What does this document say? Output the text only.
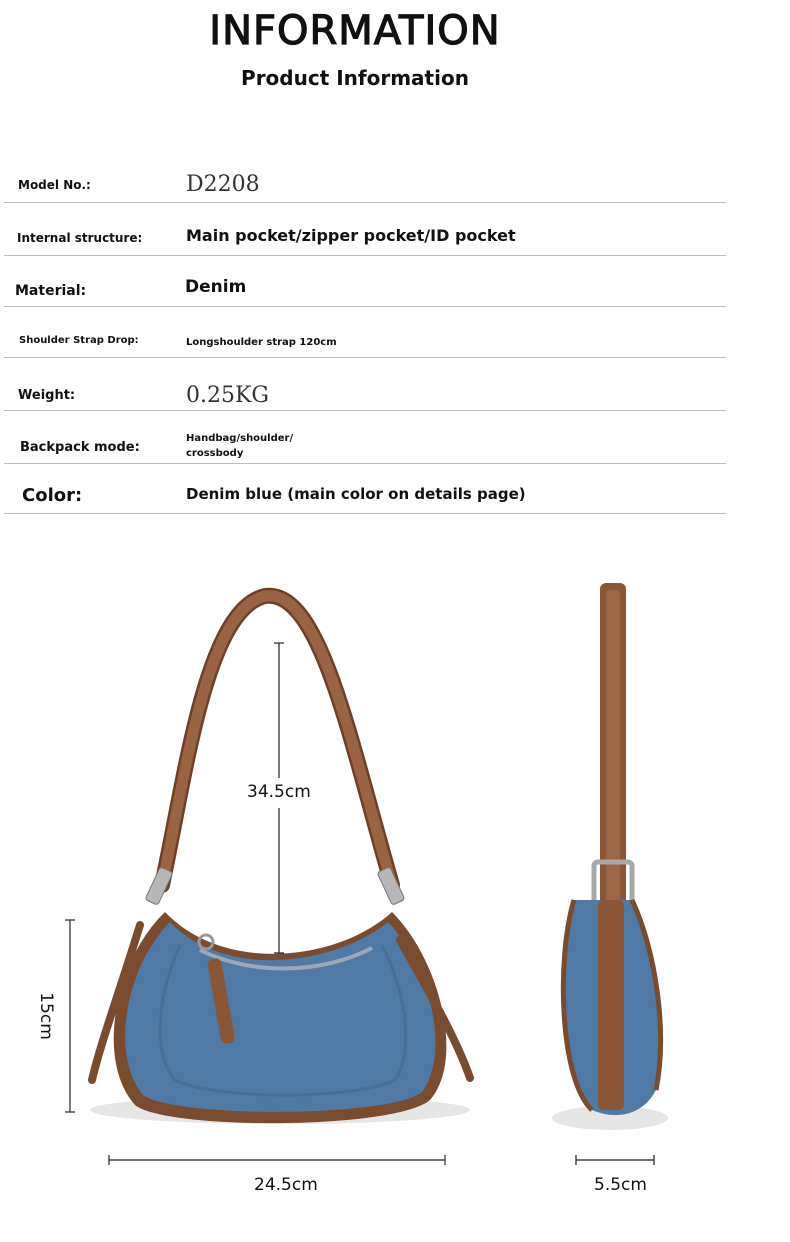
INFORMATION
Product Information
Model No.:	D2208
Internal structure:	Main pocket/zipper pocket/ID pocket
Material:	Denim
Shoulder Strap Drop:	Longshoulder strap 120cm
Weight:	0.25KG
Backpack mode:
Handbag/shoulder/
crossbody
Color:	Denim blue (main color on details page)
34.5cm
15cm
24.5cm	5.5cm
